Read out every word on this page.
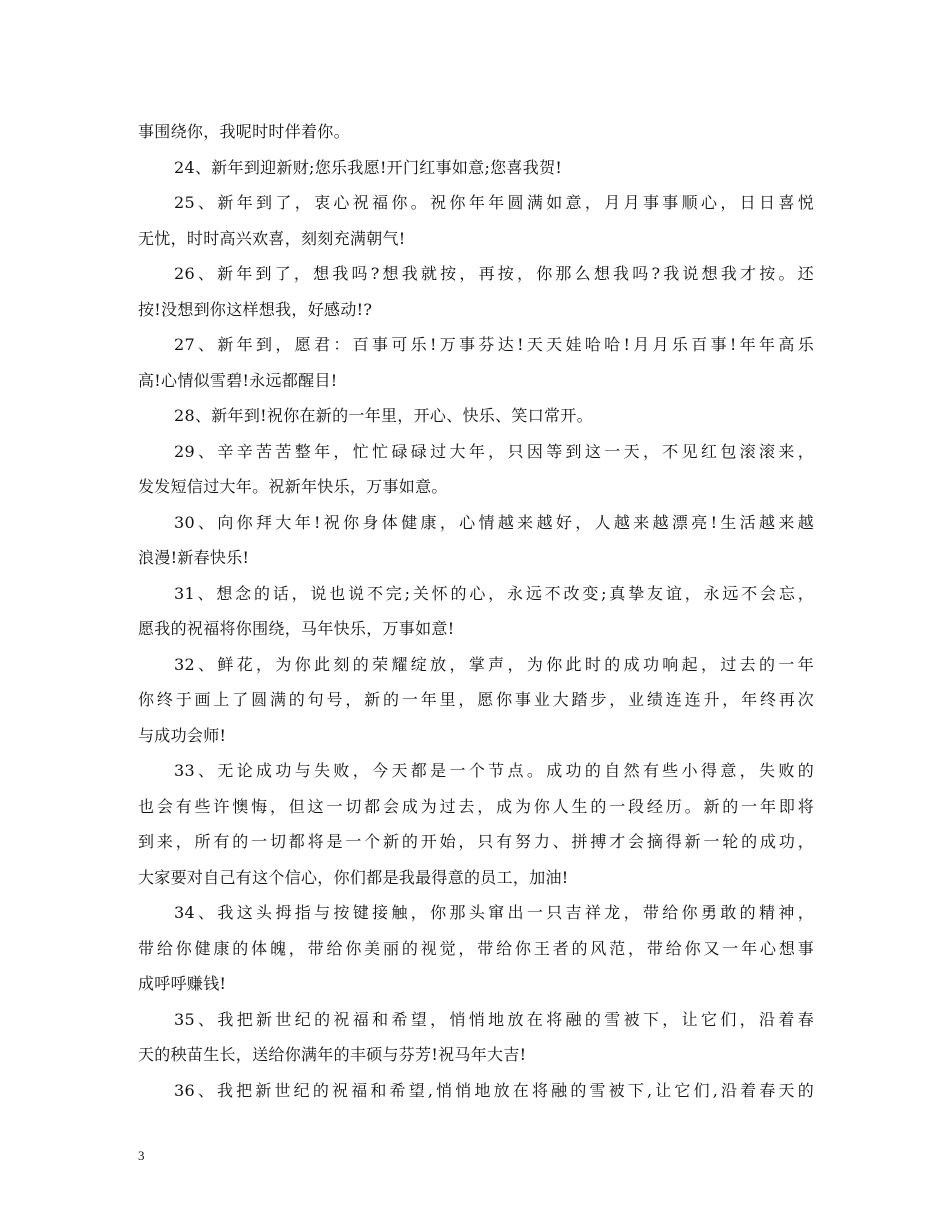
事围绕你，我呢时时伴着你。
24、新年到迎新财;您乐我愿!开门红事如意;您喜我贺!
25、新年到了，衷心祝福你。祝你年年圆满如意，月月事事顺心，日日喜悦
无忧，时时高兴欢喜，刻刻充满朝气!
26、新年到了，想我吗?想我就按，再按，你那么想我吗?我说想我才按。还
按!没想到你这样想我，好感动!?
27、新年到，愿君：百事可乐!万事芬达!天天娃哈哈!月月乐百事!年年高乐
高!心情似雪碧!永远都醒目!
28、新年到!祝你在新的一年里，开心、快乐、笑口常开。
29、辛辛苦苦整年，忙忙碌碌过大年，只因等到这一天，不见红包滚滚来，
发发短信过大年。祝新年快乐，万事如意。
30、向你拜大年!祝你身体健康，心情越来越好，人越来越漂亮!生活越来越
浪漫!新春快乐!
31、想念的话，说也说不完;关怀的心，永远不改变;真挚友谊，永远不会忘，
愿我的祝福将你围绕，马年快乐，万事如意!
32、鲜花，为你此刻的荣耀绽放，掌声，为你此时的成功响起，过去的一年
你终于画上了圆满的句号，新的一年里，愿你事业大踏步，业绩连连升，年终再次
与成功会师!
33、无论成功与失败，今天都是一个节点。成功的自然有些小得意，失败的
也会有些许懊悔，但这一切都会成为过去，成为你人生的一段经历。新的一年即将
到来，所有的一切都将是一个新的开始，只有努力、拼搏才会摘得新一轮的成功，
大家要对自己有这个信心，你们都是我最得意的员工，加油!
34、我这头拇指与按键接触，你那头窜出一只吉祥龙，带给你勇敢的精神，
带给你健康的体魄，带给你美丽的视觉，带给你王者的风范，带给你又一年心想事
成呼呼赚钱!
35、我把新世纪的祝福和希望，悄悄地放在将融的雪被下，让它们，沿着春
天的秧苗生长，送给你满年的丰硕与芬芳!祝马年大吉!
36、我把新世纪的祝福和希望,悄悄地放在将融的雪被下,让它们,沿着春天的
3
